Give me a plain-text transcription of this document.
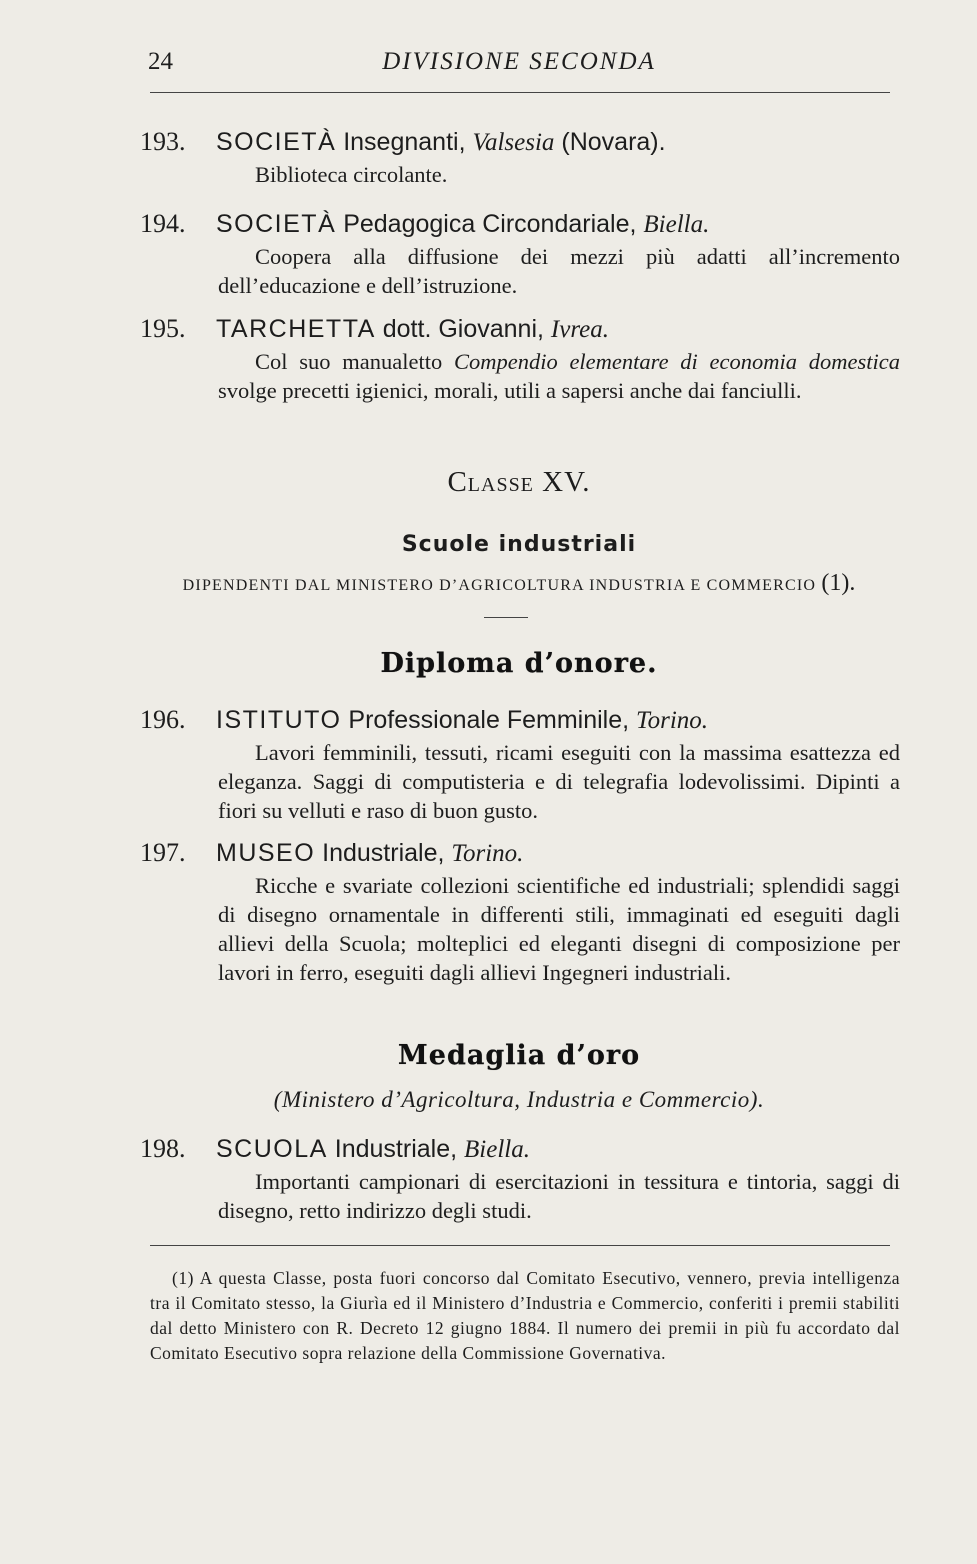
24	DIVISIONE SECONDA
193. SOCIETÀ Insegnanti, Valsesia (Novara).
Biblioteca circolante.
194. SOCIETÀ Pedagogica Circondariale, Biella.
Coopera alla diffusione dei mezzi più adatti all’incremento dell’educazione e dell’istruzione.
195. TARCHETTA dott. Giovanni, Ivrea.
Col suo manualetto Compendio elementare di economia domestica svolge precetti igienici, morali, utili a sapersi anche dai fanciulli.
Classe XV.
Scuole industriali
DIPENDENTI DAL MINISTERO D’AGRICOLTURA INDUSTRIA E COMMERCIO (1).
Diploma d’onore.
196. ISTITUTO Professionale Femminile, Torino.
Lavori femminili, tessuti, ricami eseguiti con la massima esattezza ed eleganza. Saggi di computisteria e di telegrafia lodevolissimi. Dipinti a fiori su velluti e raso di buon gusto.
197. MUSEO Industriale, Torino.
Ricche e svariate collezioni scientifiche ed industriali; splendidi saggi di disegno ornamentale in differenti stili, immaginati ed eseguiti dagli allievi della Scuola; molteplici ed eleganti disegni di composizione per lavori in ferro, eseguiti dagli allievi Ingegneri industriali.
Medaglia d’oro
(Ministero d’Agricoltura, Industria e Commercio).
198. SCUOLA Industriale, Biella.
Importanti campionari di esercitazioni in tessitura e tintoria, saggi di disegno, retto indirizzo degli studi.
(1) A questa Classe, posta fuori concorso dal Comitato Esecutivo, vennero, previa intelligenza tra il Comitato stesso, la Giurìa ed il Ministero d’Industria e Commercio, conferiti i premii stabiliti dal detto Ministero con R. Decreto 12 giugno 1884. Il numero dei premii in più fu accordato dal Comitato Esecutivo sopra relazione della Commissione Governativa.
